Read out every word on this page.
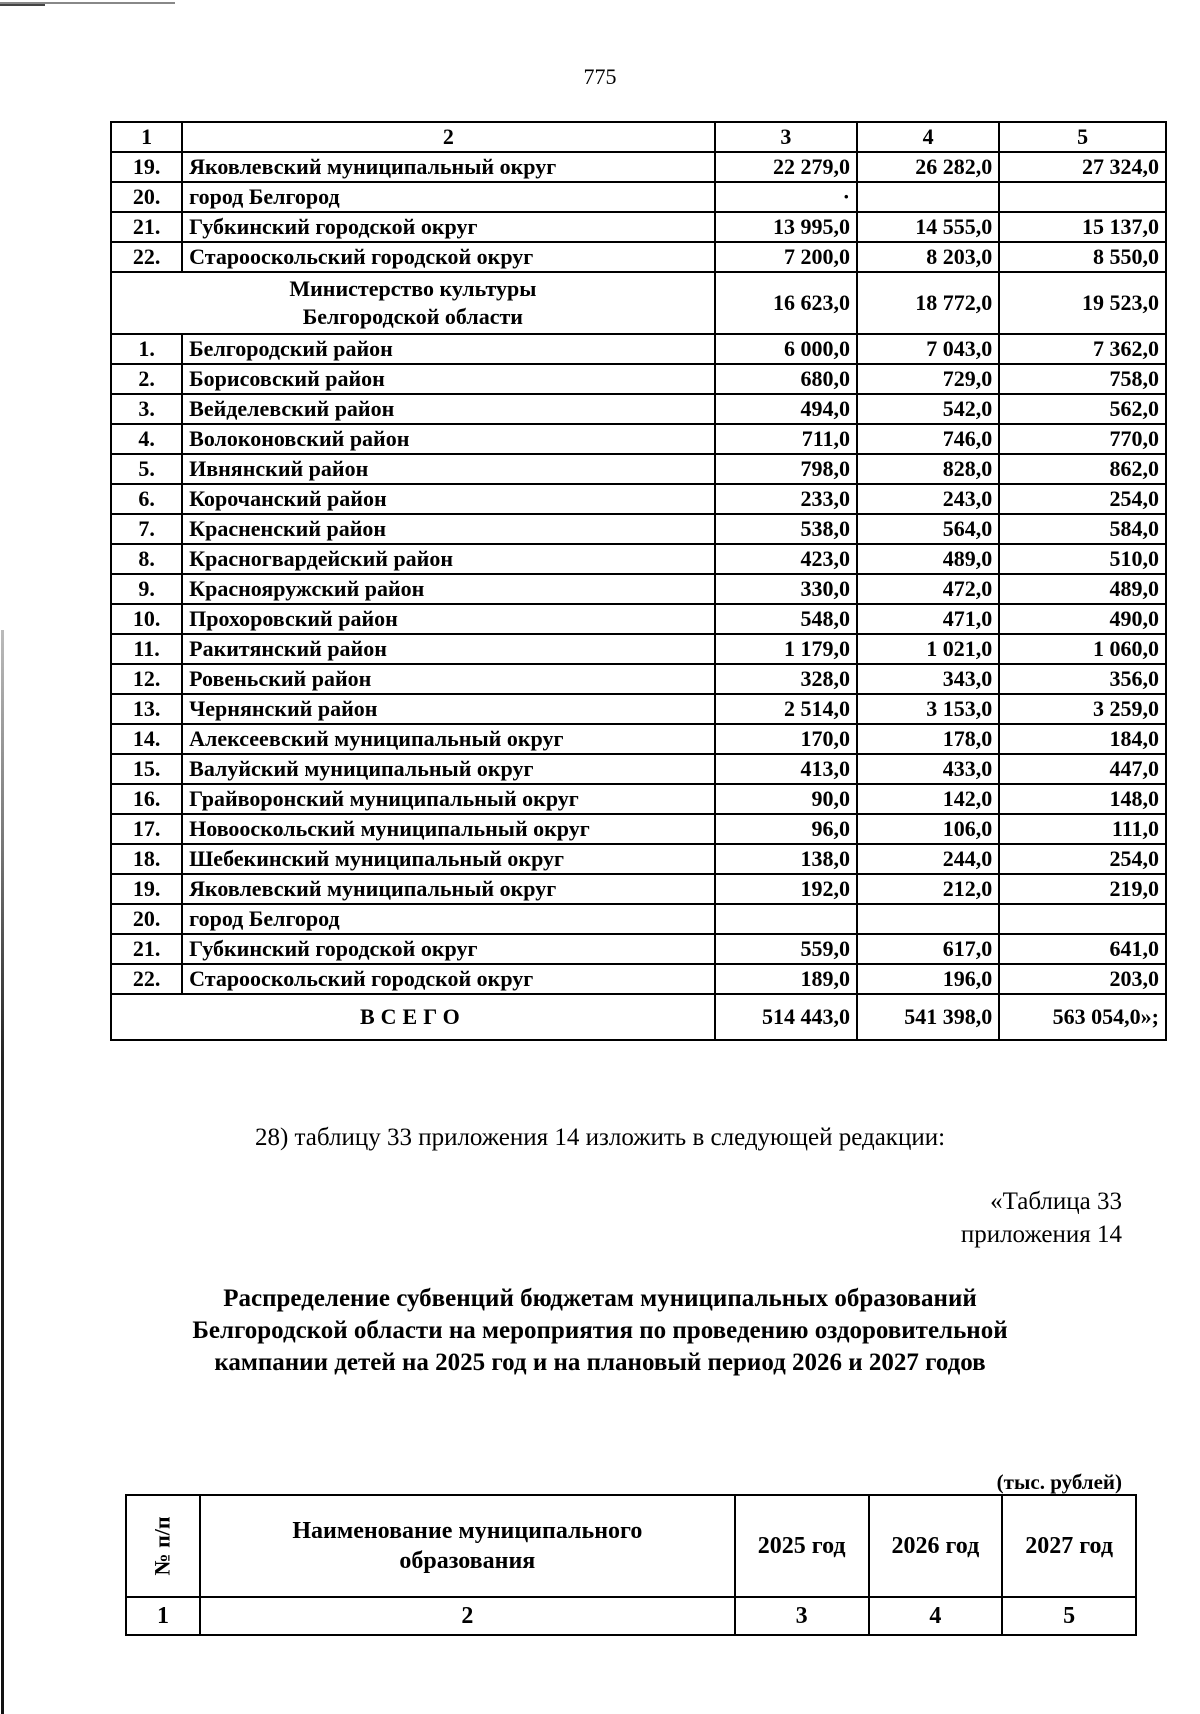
775
1	2	3	4	5
19.	Яковлевский муниципальный округ	22 279,0	26 282,0	27 324,0
20.	город Белгород	·		
21.	Губкинский городской округ	13 995,0	14 555,0	15 137,0
22.	Старооскольский городской округ	7 200,0	8 203,0	8 550,0

Министерство культуры
Белгородской области		16 623,0	18 772,0	19 523,0
1.	Белгородский район	6 000,0	7 043,0	7 362,0
2.	Борисовский район	680,0	729,0	758,0
3.	Вейделевский район	494,0	542,0	562,0
4.	Волоконовский район	711,0	746,0	770,0
5.	Ивнянский район	798,0	828,0	862,0
6.	Корочанский район	233,0	243,0	254,0
7.	Красненский район	538,0	564,0	584,0
8.	Красногвардейский район	423,0	489,0	510,0
9.	Краснояружский район	330,0	472,0	489,0
10.	Прохоровский район	548,0	471,0	490,0
11.	Ракитянский район	1 179,0	1 021,0	1 060,0
12.	Ровеньский район	328,0	343,0	356,0
13.	Чернянский район	2 514,0	3 153,0	3 259,0
14.	Алексеевский муниципальный округ	170,0	178,0	184,0
15.	Валуйский муниципальный округ	413,0	433,0	447,0
16.	Грайворонский муниципальный округ	90,0	142,0	148,0
17.	Новооскольский муниципальный округ	96,0	106,0	111,0
18.	Шебекинский муниципальный округ	138,0	244,0	254,0
19.	Яковлевский муниципальный округ	192,0	212,0	219,0
20.	город Белгород			
21.	Губкинский городской округ	559,0	617,0	641,0
22.	Старооскольский городской округ	189,0	196,0	203,0
ВСЕГО		514 443,0	541 398,0	563 054,0»;
28) таблицу 33 приложения 14 изложить в следующей редакции:
«Таблица 33
приложения 14
Распределение субвенций бюджетам муниципальных образований
Белгородской области на мероприятия по проведению оздоровительной
кампании детей на 2025 год и на плановый период 2026 и 2027 годов
(тыс. рублей)
№ п/п	Наименование муниципального
образования	2025 год	2026 год	2027 год
1	2	3	4	5
